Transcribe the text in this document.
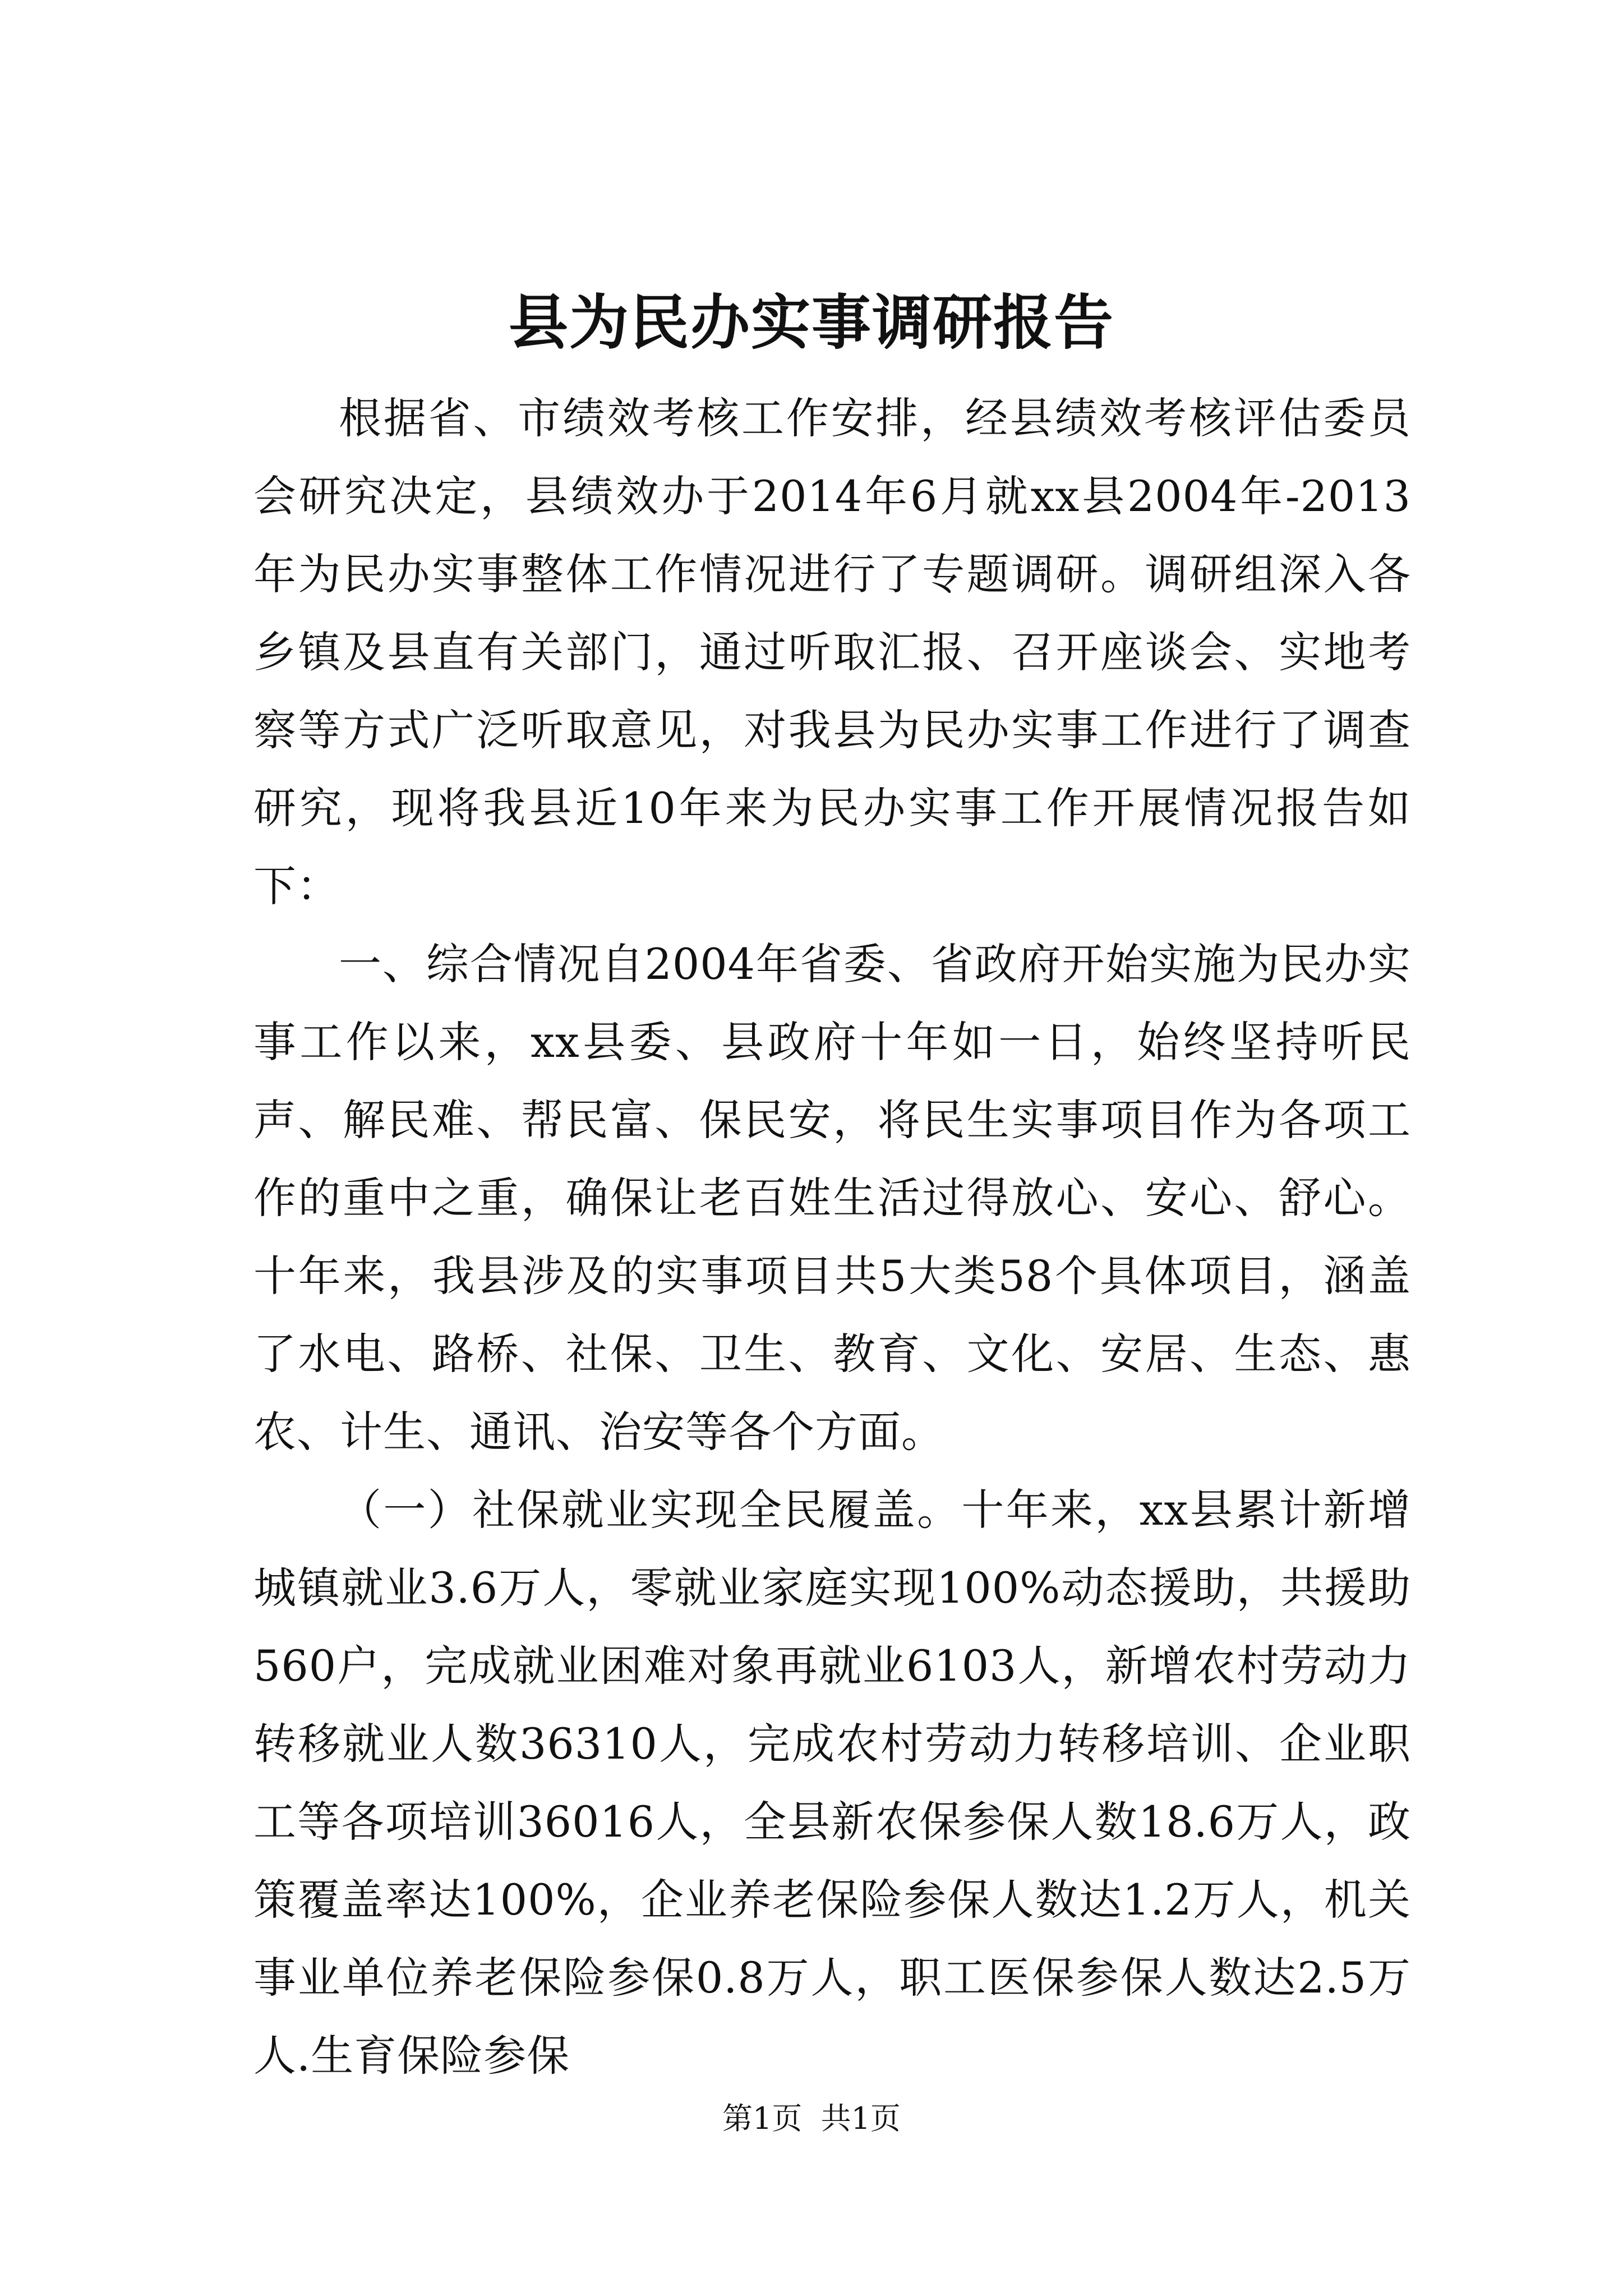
县为民办实事调研报告

根据省、市绩效考核工作安排，经县绩效考核评估委员会研究决定，县绩效办于2014年6月就xx县2004年-2013年为民办实事整体工作情况进行了专题调研。调研组深入各乡镇及县直有关部门，通过听取汇报、召开座谈会、实地考察等方式广泛听取意见，对我县为民办实事工作进行了调查研究，现将我县近10年来为民办实事工作开展情况报告如下：

一、综合情况自2004年省委、省政府开始实施为民办实事工作以来，xx县委、县政府十年如一日，始终坚持听民声、解民难、帮民富、保民安，将民生实事项目作为各项工作的重中之重，确保让老百姓生活过得放心、安心、舒心。十年来，我县涉及的实事项目共5大类58个具体项目，涵盖了水电、路桥、社保、卫生、教育、文化、安居、生态、惠农、计生、通讯、治安等各个方面。

（一）社保就业实现全民履盖。十年来，xx县累计新增城镇就业3.6万人，零就业家庭实现100%动态援助，共援助560户，完成就业困难对象再就业6103人，新增农村劳动力转移就业人数36310人，完成农村劳动力转移培训、企业职工等各项培训36016人，全县新农保参保人数18.6万人，政策覆盖率达100%，企业养老保险参保人数达1.2万人，机关事业单位养老保险参保0.8万人，职工医保参保人数达2.5万人.生育保险参保

第1页 共1页
